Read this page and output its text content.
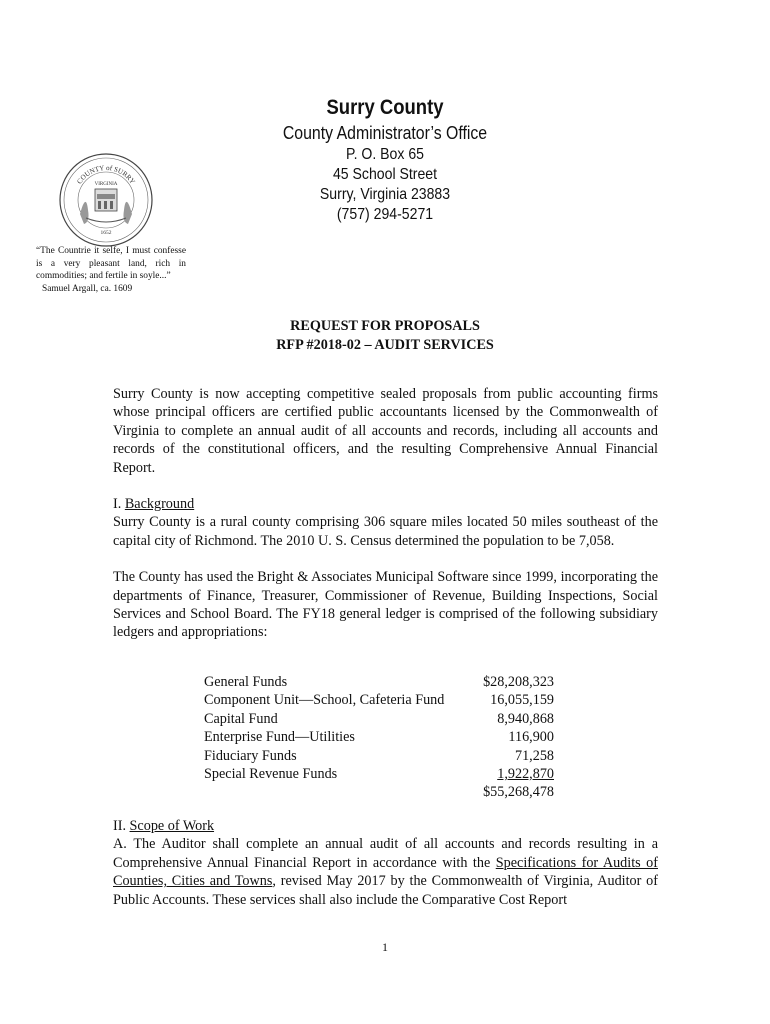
Surry County
County Administrator’s Office
P. O. Box 65
45 School Street
Surry, Virginia 23883
(757) 294-5271
COUNTY of SURRY
VIRGINIA
1652
“The Countrie it selfe, I must confesse is a very pleasant land, rich in commodities; and fertile in soyle...”
Samuel Argall, ca. 1609
REQUEST FOR PROPOSALS
RFP #2018-02 – AUDIT SERVICES

Surry County is now accepting competitive sealed proposals from public accounting firms whose principal officers are certified public accountants licensed by the Commonwealth of Virginia to complete an annual audit of all accounts and records, including all accounts and records of the constitutional officers, and the resulting Comprehensive Annual Financial Report.

I. Background

Surry County is a rural county comprising 306 square miles located 50 miles southeast of the capital city of Richmond. The 2010 U. S. Census determined the population to be 7,058.

The County has used the Bright & Associates Municipal Software since 1999, incorporating the departments of Finance, Treasurer, Commissioner of Revenue, Building Inspections, Social Services and School Board. The FY18 general ledger is comprised of the following subsidiary ledgers and appropriations:

General Funds	$28,208,323
Component Unit—School, Cafeteria Fund	16,055,159
Capital Fund	8,940,868
Enterprise Fund—Utilities	116,900
Fiduciary Funds	71,258
Special Revenue Funds	1,922,870
$55,268,478
II. Scope of Work

A. The Auditor shall complete an annual audit of all accounts and records resulting in a Comprehensive Annual Financial Report in accordance with the Specifications for Audits of Counties, Cities and Towns, revised May 2017 by the Commonwealth of Virginia, Auditor of Public Accounts. These services shall also include the Comparative Cost Report

1
